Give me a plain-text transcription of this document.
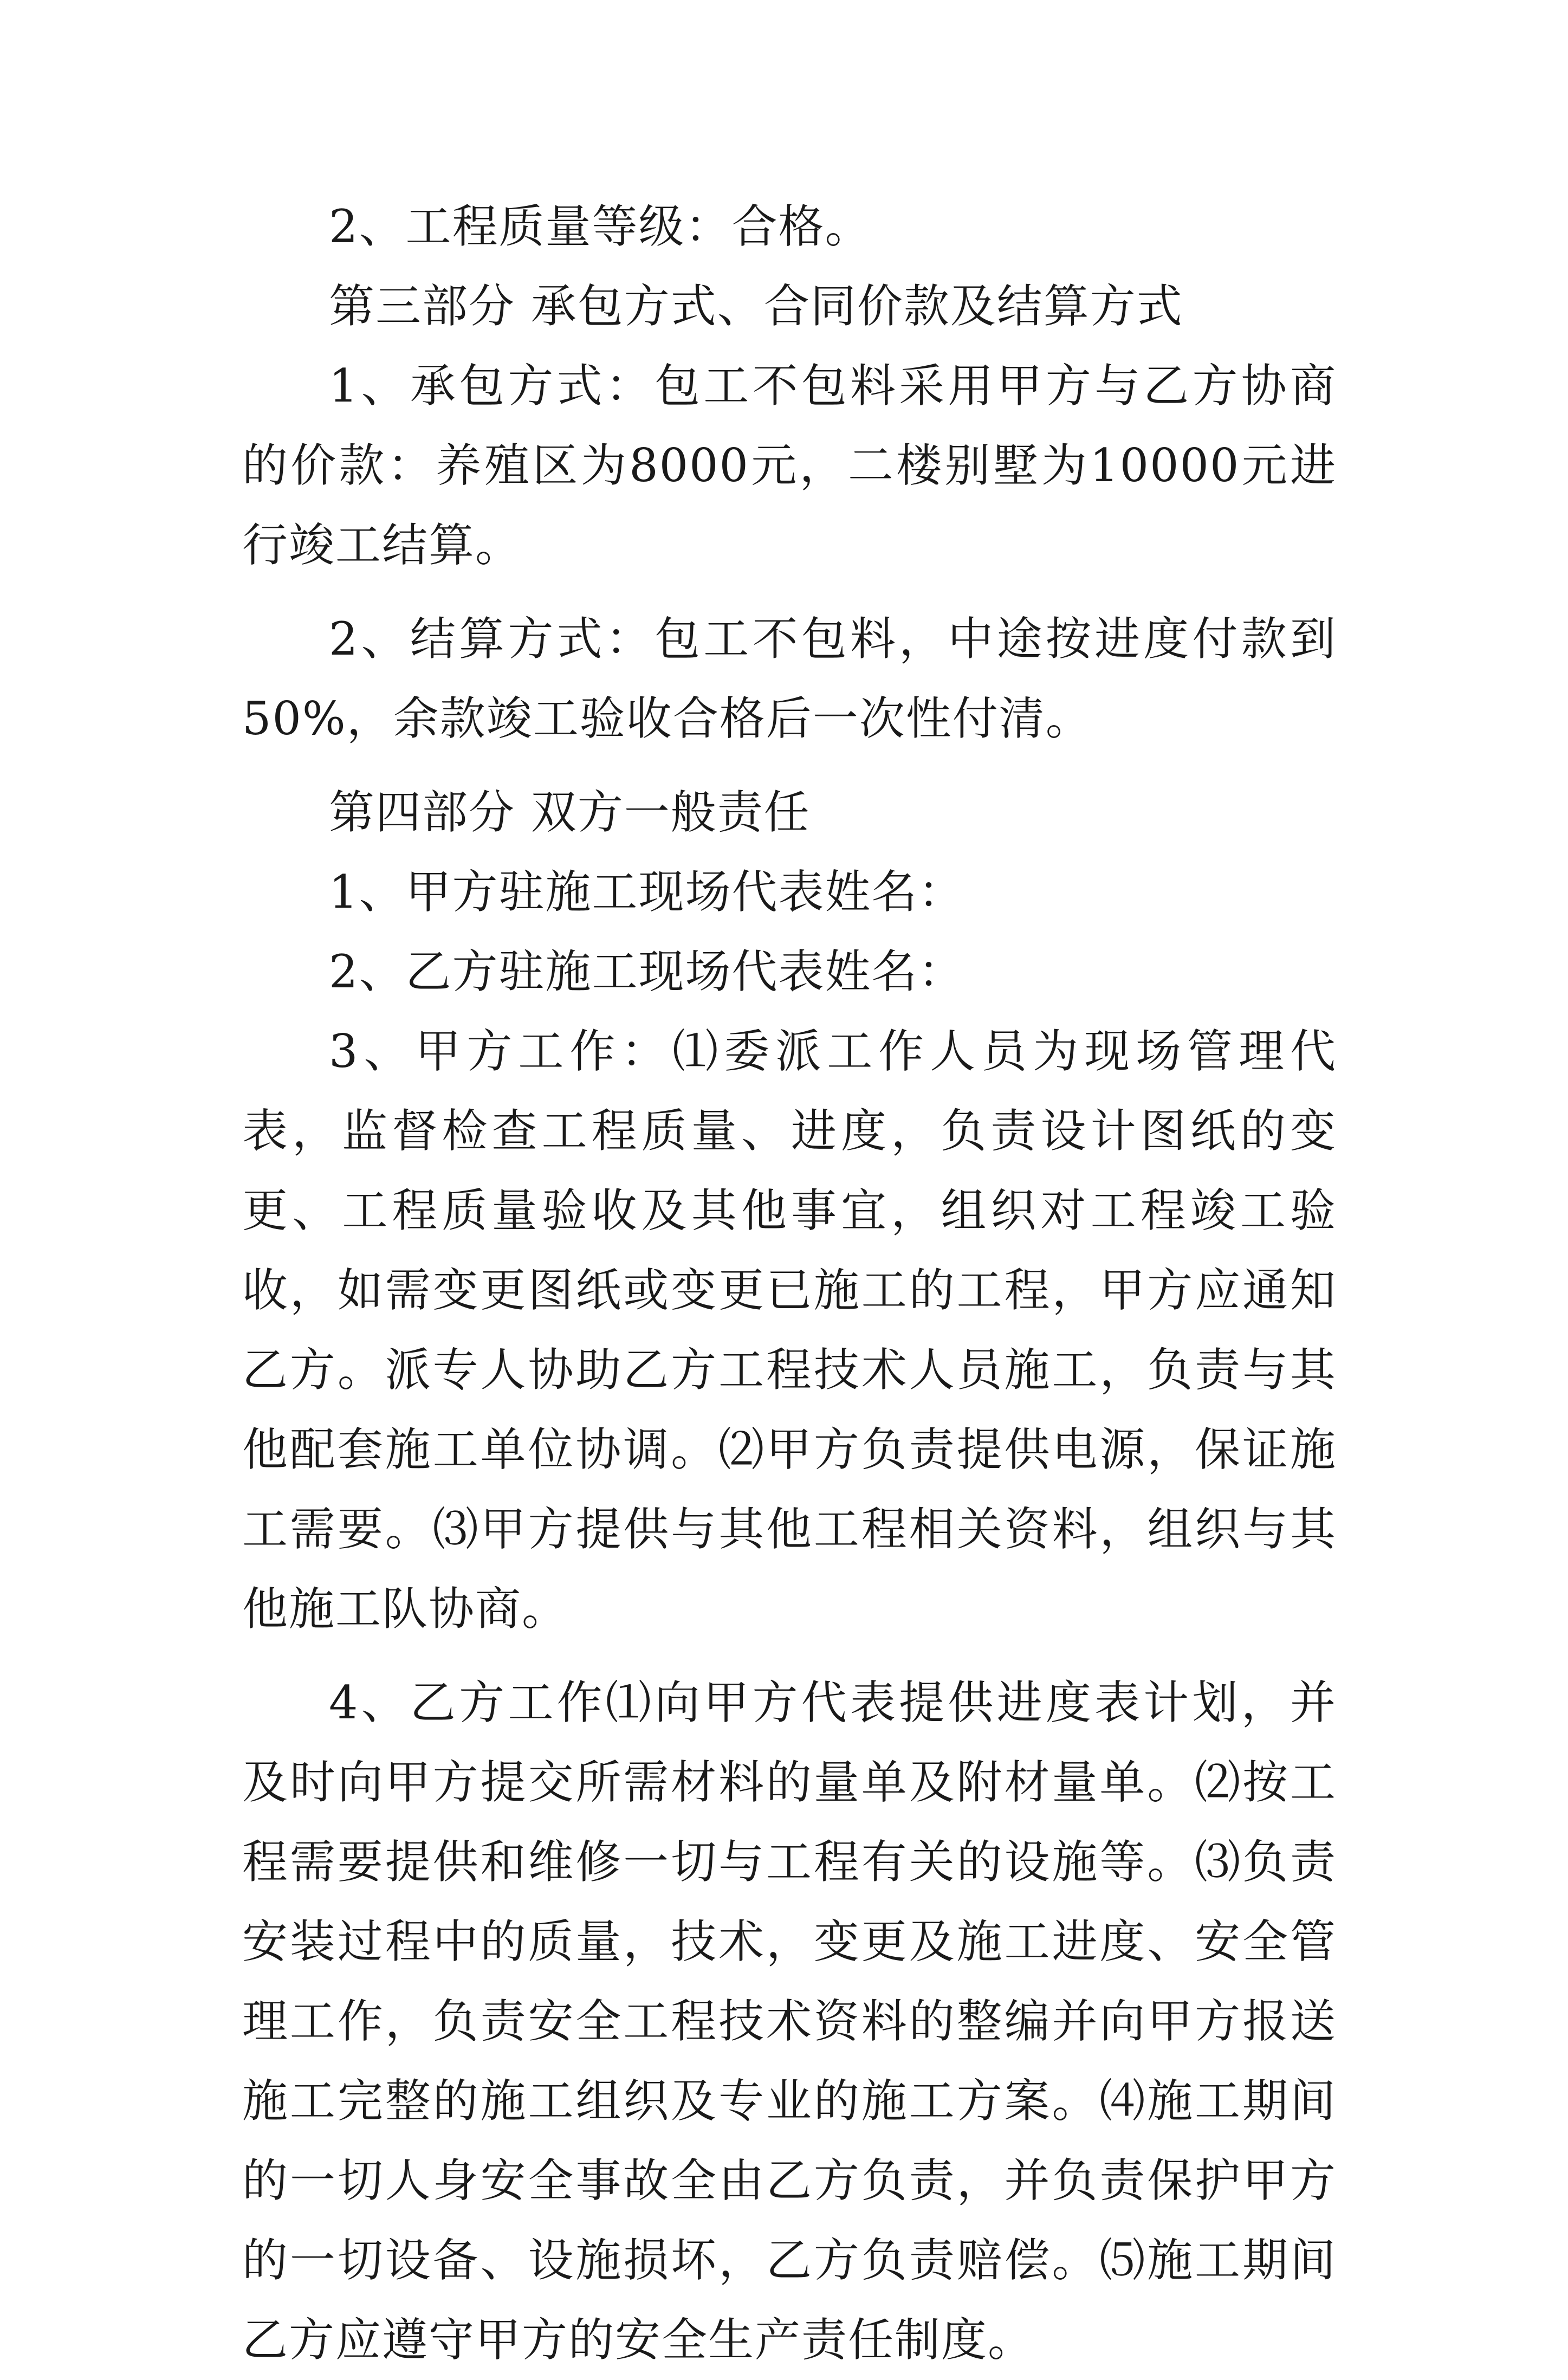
2、工程质量等级：合格。

第三部分 承包方式、合同价款及结算方式

1、承包方式：包工不包料采用甲方与乙方协商的价款：养殖区为8000元，二楼别墅为10000元进行竣工结算。

2、结算方式：包工不包料，中途按进度付款到50%，余款竣工验收合格后一次性付清。

第四部分 双方一般责任

1、甲方驻施工现场代表姓名：

2、乙方驻施工现场代表姓名：

3、甲方工作：⑴委派工作人员为现场管理代表，监督检查工程质量、进度，负责设计图纸的变更、工程质量验收及其他事宜，组织对工程竣工验收，如需变更图纸或变更已施工的工程，甲方应通知乙方。派专人协助乙方工程技术人员施工，负责与其他配套施工单位协调。⑵甲方负责提供电源，保证施工需要。⑶甲方提供与其他工程相关资料，组织与其他施工队协商。

4、乙方工作⑴向甲方代表提供进度表计划，并及时向甲方提交所需材料的量单及附材量单。⑵按工程需要提供和维修一切与工程有关的设施等。⑶负责安装过程中的质量，技术，变更及施工进度、安全管理工作，负责安全工程技术资料的整编并向甲方报送施工完整的施工组织及专业的施工方案。⑷施工期间的一切人身安全事故全由乙方负责，并负责保护甲方的一切设备、设施损坏，乙方负责赔偿。⑸施工期间乙方应遵守甲方的安全生产责任制度。
